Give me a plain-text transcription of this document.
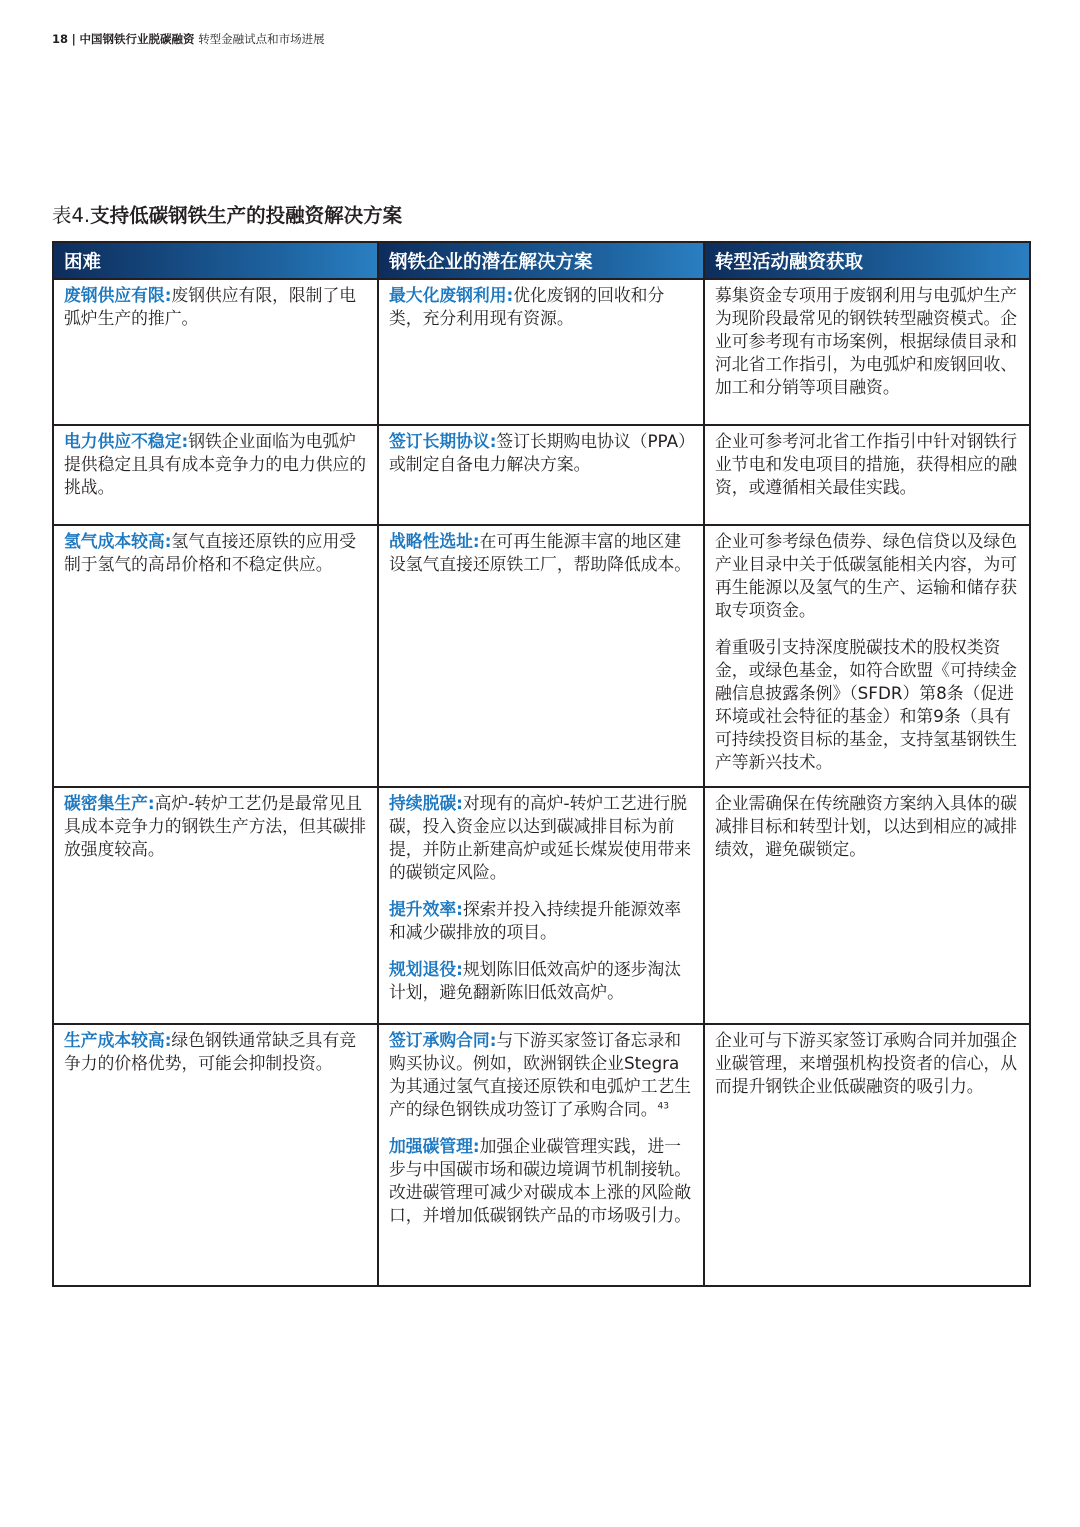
18 | 中国钢铁行业脱碳融资 转型金融试点和市场进展
表4.支持低碳钢铁生产的投融资解决方案
困难	钢铁企业的潜在解决方案	转型活动融资获取
废钢供应有限:废钢供应有限，限制了电弧炉生产的推广。	最大化废钢利用:优化废钢的回收和分类，充分利用现有资源。	募集资金专项用于废钢利用与电弧炉生产为现阶段最常见的钢铁转型融资模式。企业可参考现有市场案例，根据绿债目录和河北省工作指引，为电弧炉和废钢回收、加工和分销等项目融资。

电力供应不稳定:钢铁企业面临为电弧炉提供稳定且具有成本竞争力的电力供应的挑战。	签订长期协议:签订长期购电协议（PPA）或制定自备电力解决方案。	企业可参考河北省工作指引中针对钢铁行业节电和发电项目的措施，获得相应的融资，或遵循相关最佳实践。

氢气成本较高:氢气直接还原铁的应用受制于氢气的高昂价格和不稳定供应。	战略性选址:在可再生能源丰富的地区建设氢气直接还原铁工厂，帮助降低成本。	企业可参考绿色债券、绿色信贷以及绿色产业目录中关于低碳氢能相关内容，为可再生能源以及氢气的生产、运输和储存获取专项资金。
着重吸引支持深度脱碳技术的股权类资金，或绿色基金，如符合欧盟《可持续金融信息披露条例》（SFDR）第8条（促进环境或社会特征的基金）和第9条（具有可持续投资目标的基金，支持氢基钢铁生产等新兴技术。

碳密集生产:高炉-转炉工艺仍是最常见且具成本竞争力的钢铁生产方法，但其碳排放强度较高。	持续脱碳:对现有的高炉-转炉工艺进行脱碳，投入资金应以达到碳减排目标为前提，并防止新建高炉或延长煤炭使用带来的碳锁定风险。
提升效率:探索并投入持续提升能源效率和减少碳排放的项目。
规划退役:规划陈旧低效高炉的逐步淘汰计划，避免翻新陈旧低效高炉。	企业需确保在传统融资方案纳入具体的碳减排目标和转型计划，以达到相应的减排绩效，避免碳锁定。

生产成本较高:绿色钢铁通常缺乏具有竞争力的价格优势，可能会抑制投资。	签订承购合同:与下游买家签订备忘录和购买协议。例如，欧洲钢铁企业Stegra为其通过氢气直接还原铁和电弧炉工艺生产的绿色钢铁成功签订了承购合同。$^{43}$
加强碳管理:加强企业碳管理实践，进一步与中国碳市场和碳边境调节机制接轨。改进碳管理可减少对碳成本上涨的风险敞口，并增加低碳钢铁产品的市场吸引力。	企业可与下游买家签订承购合同并加强企业碳管理，来增强机构投资者的信心，从而提升钢铁企业低碳融资的吸引力。
